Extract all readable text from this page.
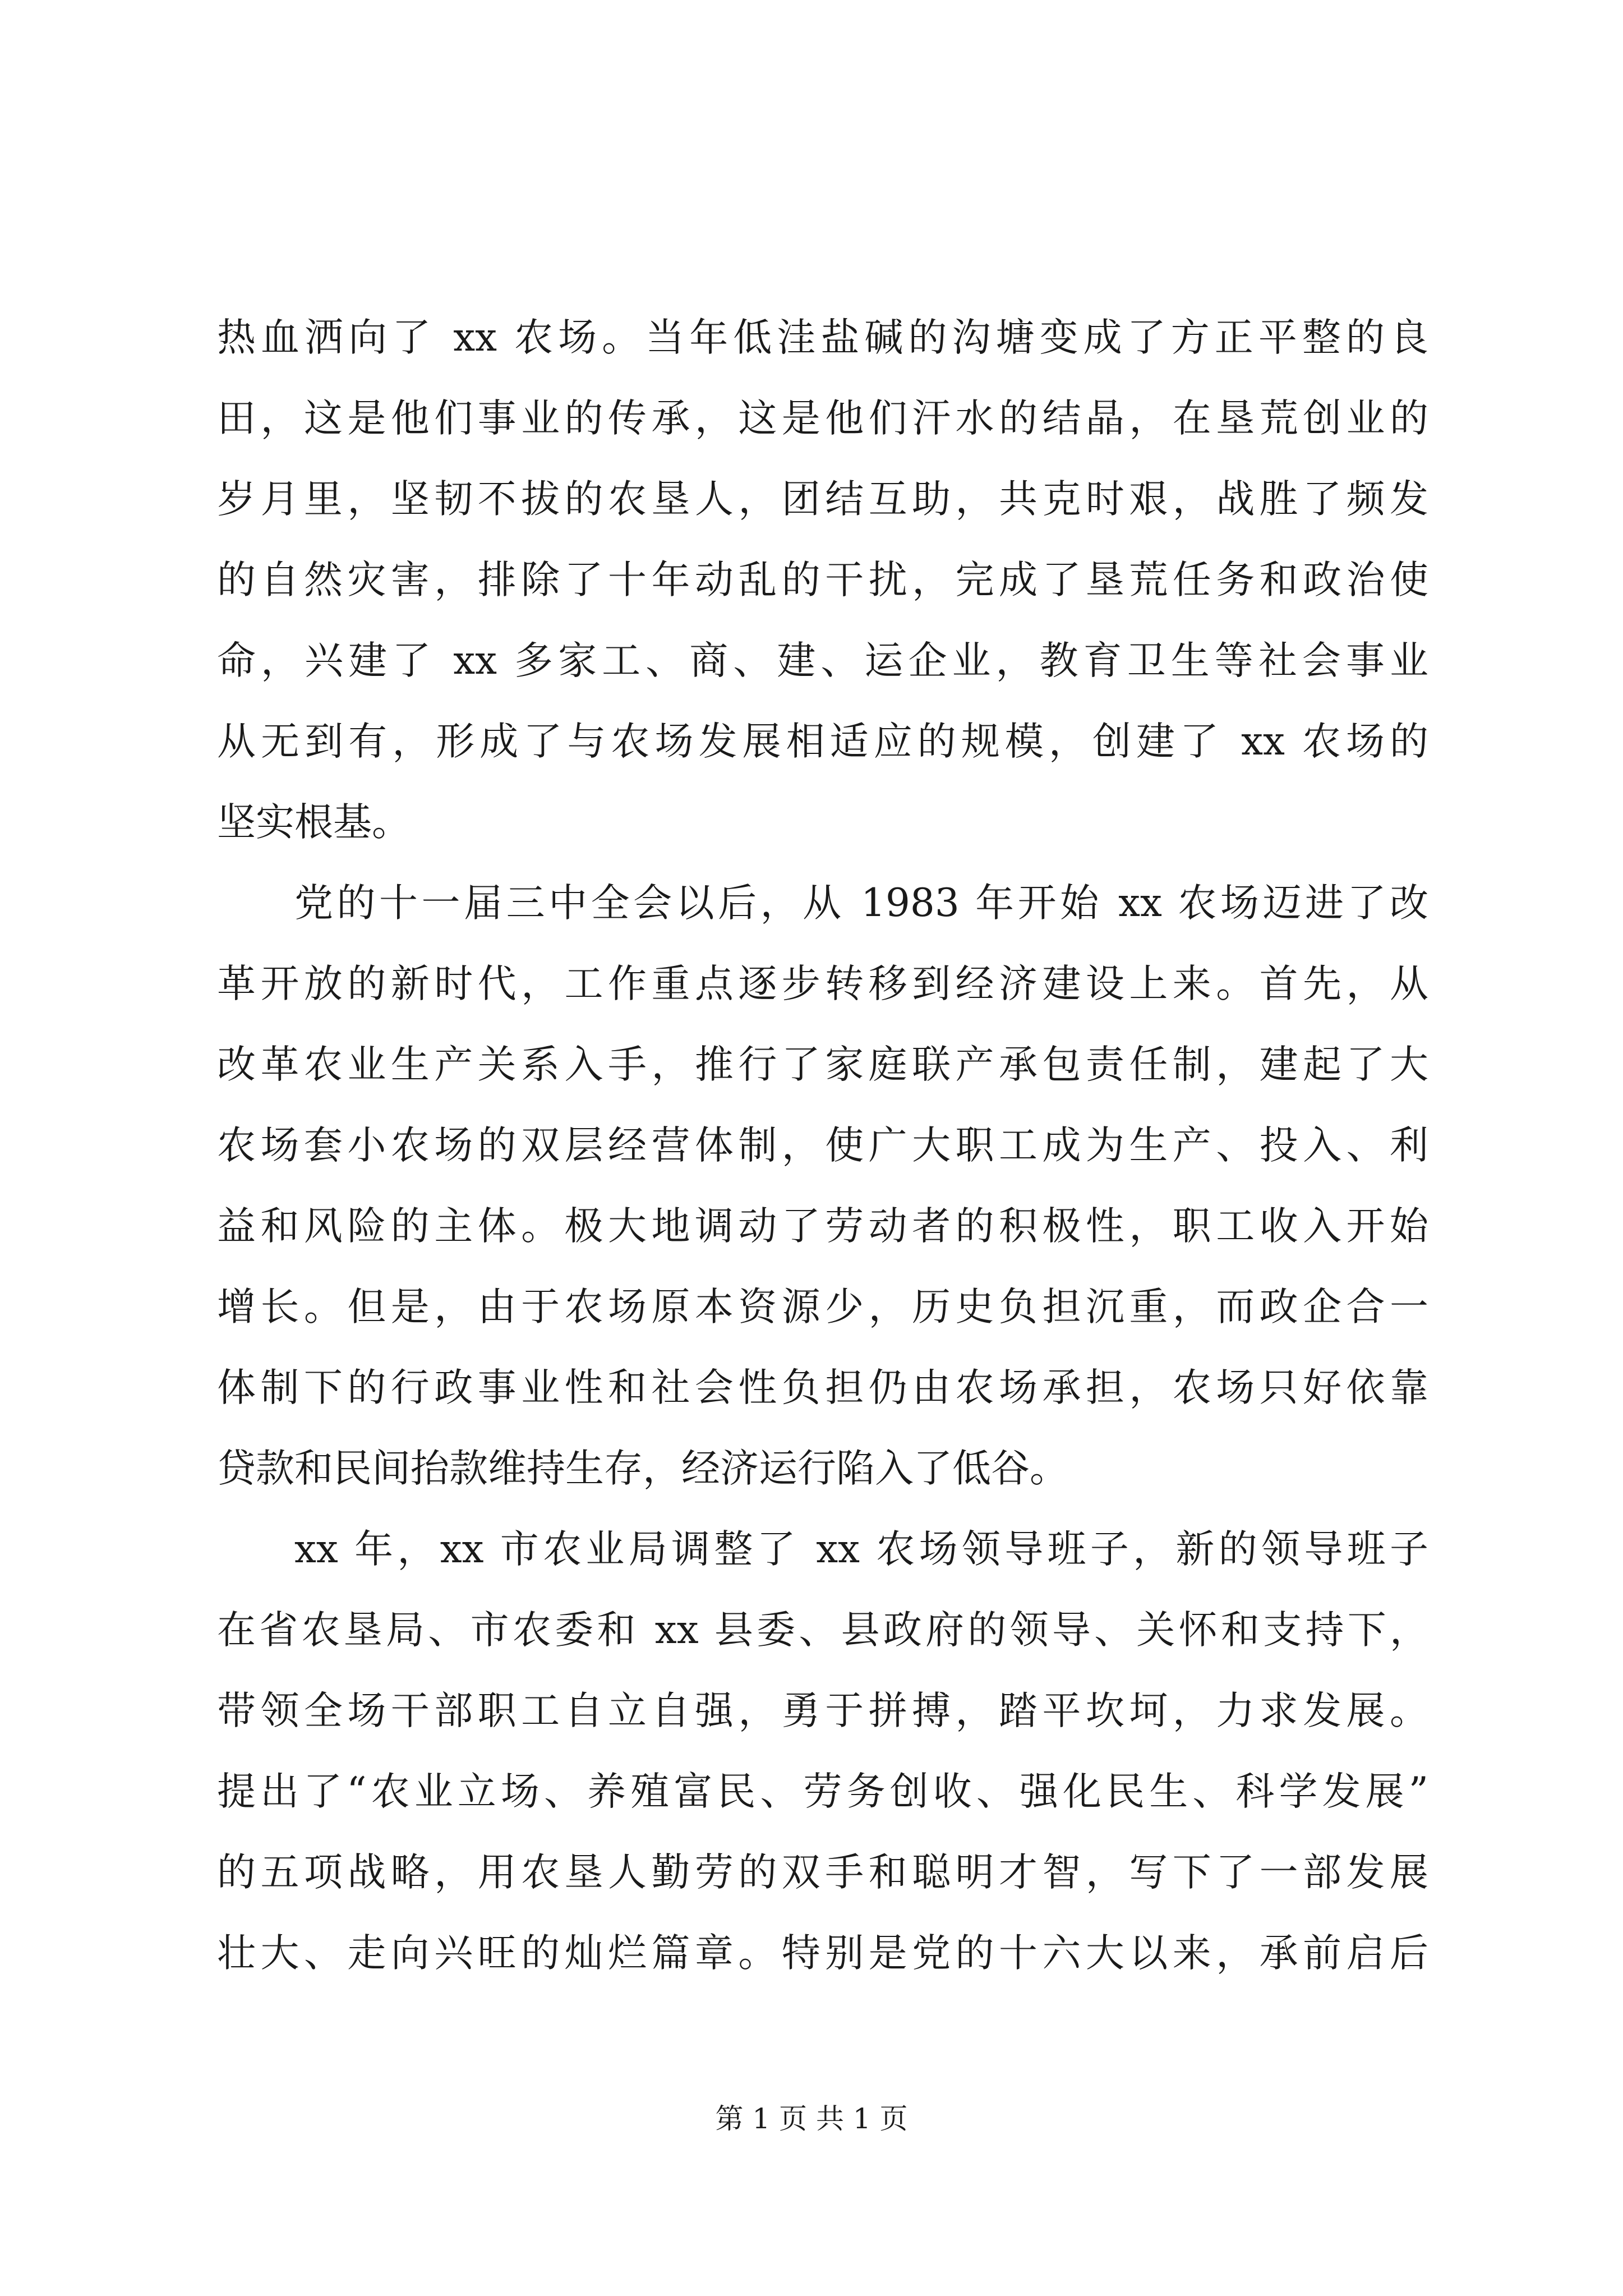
热血洒向了 xx 农场。当年低洼盐碱的沟塘变成了方正平整的良
田，这是他们事业的传承，这是他们汗水的结晶，在垦荒创业的
岁月里，坚韧不拔的农垦人，团结互助，共克时艰，战胜了频发
的自然灾害，排除了十年动乱的干扰，完成了垦荒任务和政治使
命，兴建了 xx 多家工、商、建、运企业，教育卫生等社会事业
从无到有，形成了与农场发展相适应的规模，创建了 xx 农场的
坚实根基。
党的十一届三中全会以后，从 1983 年开始 xx 农场迈进了改
革开放的新时代，工作重点逐步转移到经济建设上来。首先，从
改革农业生产关系入手，推行了家庭联产承包责任制，建起了大
农场套小农场的双层经营体制，使广大职工成为生产、投入、利
益和风险的主体。极大地调动了劳动者的积极性，职工收入开始
增长。但是，由于农场原本资源少，历史负担沉重，而政企合一
体制下的行政事业性和社会性负担仍由农场承担，农场只好依靠
贷款和民间抬款维持生存，经济运行陷入了低谷。
xx 年，xx 市农业局调整了 xx 农场领导班子，新的领导班子
在省农垦局、市农委和 xx 县委、县政府的领导、关怀和支持下，
带领全场干部职工自立自强，勇于拼搏，踏平坎坷，力求发展。
提出了“农业立场、养殖富民、劳务创收、强化民生、科学发展”
的五项战略，用农垦人勤劳的双手和聪明才智，写下了一部发展
壮大、走向兴旺的灿烂篇章。特别是党的十六大以来，承前启后
第 1 页 共 1 页
